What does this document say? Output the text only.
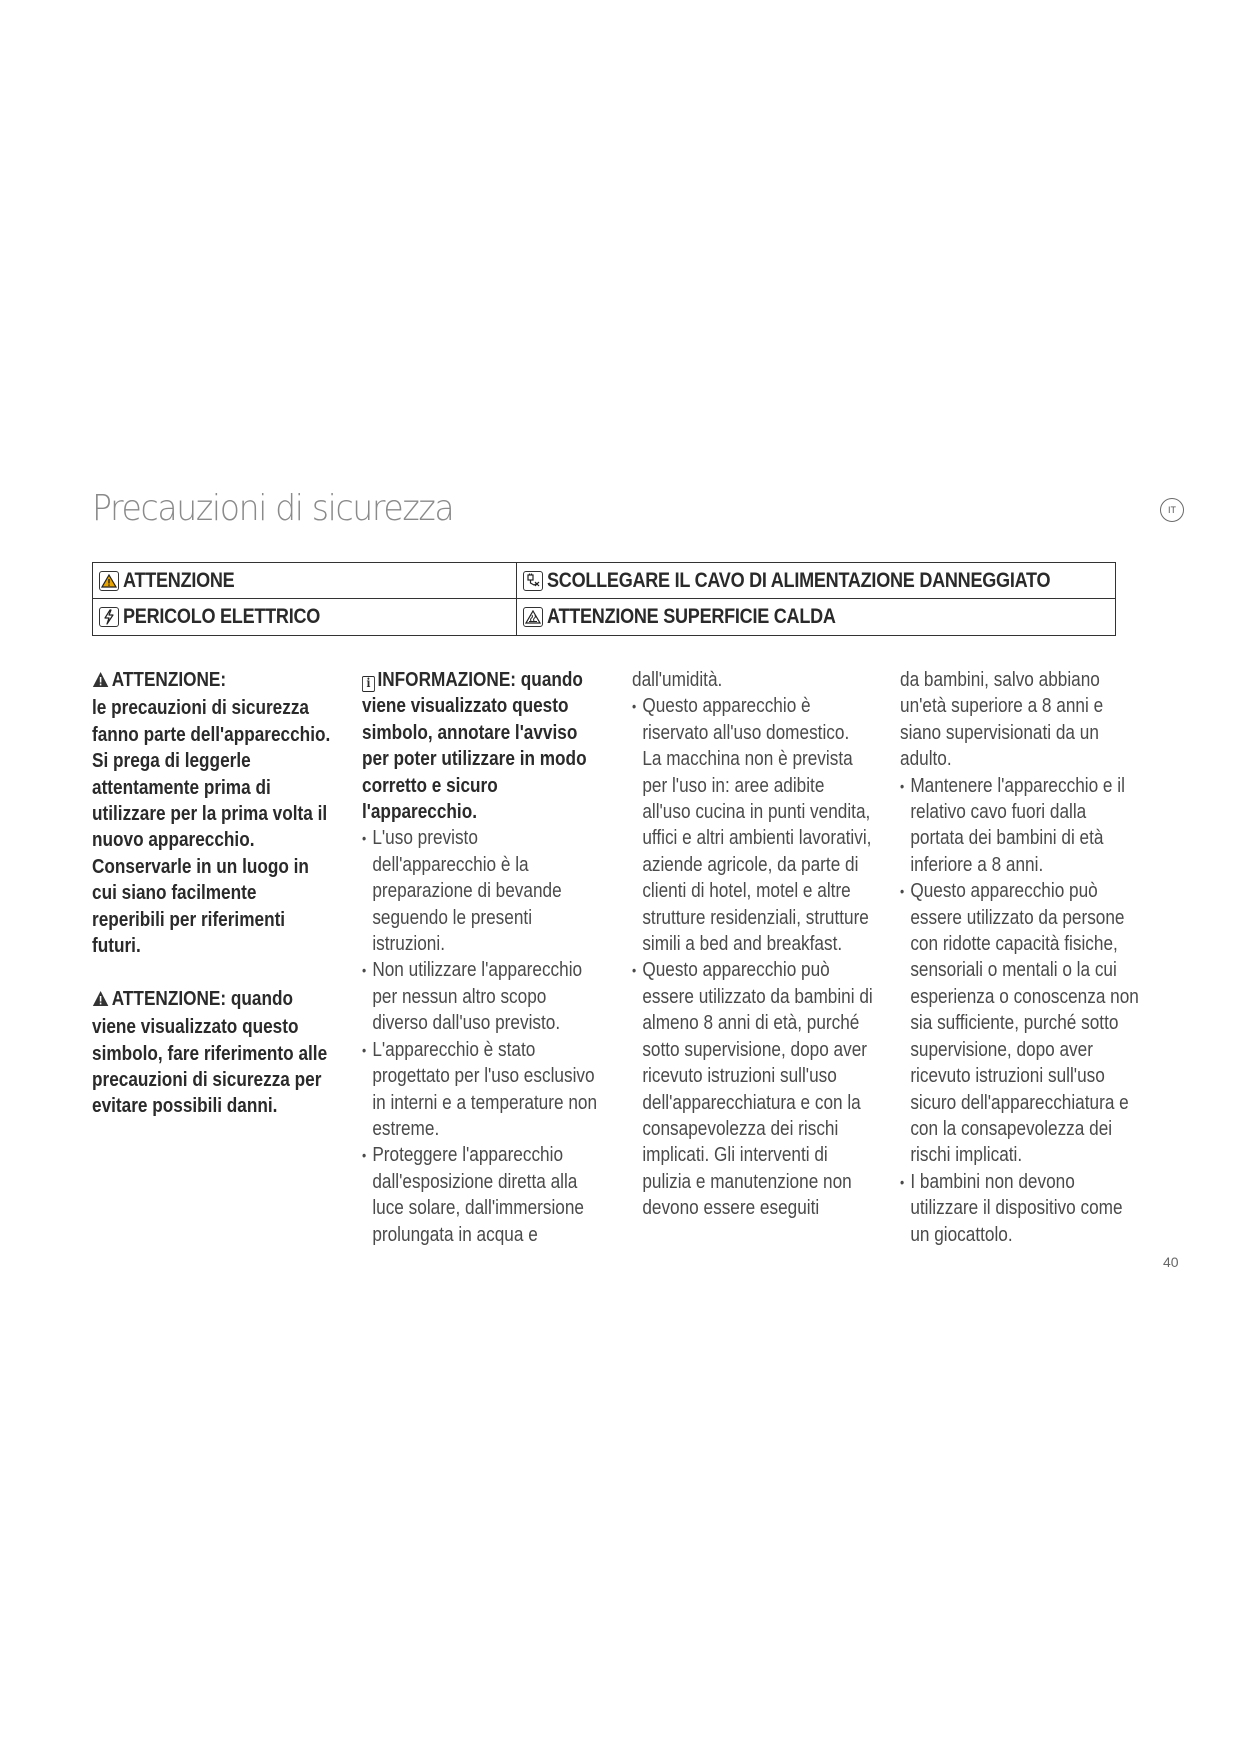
Precauzioni di sicurezza	IT
ATTENZIONE	SCOLLEGARE IL CAVO DI ALIMENTAZIONE DANNEGGIATO
PERICOLO ELETTRICO	ATTENZIONE SUPERFICIE CALDA

ATTENZIONE:
le precauzioni di sicurezza fanno parte dell'apparecchio. Si prega di leggerle attentamente prima di utilizzare per la prima volta il nuovo apparecchio. Conservarle in un luogo in cui siano facilmente reperibili per riferimenti futuri.

ATTENZIONE: quando viene visualizzato questo simbolo, fare riferimento alle precauzioni di sicurezza per evitare possibili danni.

i INFORMAZIONE: quando viene visualizzato questo simbolo, annotare l'avviso per poter utilizzare in modo corretto e sicuro l'apparecchio.

• L'uso previsto dell'apparecchio è la preparazione di bevande seguendo le presenti istruzioni.
• Non utilizzare l'apparecchio per nessun altro scopo diverso dall'uso previsto.
• L'apparecchio è stato progettato per l'uso esclusivo in interni e a temperature non estreme.
• Proteggere l'apparecchio dall'esposizione diretta alla luce solare, dall'immersione prolungata in acqua e

dall'umidità.

• Questo apparecchio è riservato all'uso domestico. La macchina non è prevista per l'uso in: aree adibite all'uso cucina in punti vendita, uffici e altri ambienti lavorativi, aziende agricole, da parte di clienti di hotel, motel e altre strutture residenziali, strutture simili a bed and breakfast.
• Questo apparecchio può essere utilizzato da bambini di almeno 8 anni di età, purché sotto supervisione, dopo aver ricevuto istruzioni sull'uso dell'apparecchiatura e con la consapevolezza dei rischi implicati. Gli interventi di pulizia e manutenzione non devono essere eseguiti

da bambini, salvo abbiano un'età superiore a 8 anni e siano supervisionati da un adulto.

• Mantenere l'apparecchio e il relativo cavo fuori dalla portata dei bambini di età inferiore a 8 anni.
• Questo apparecchio può essere utilizzato da persone con ridotte capacità fisiche, sensoriali o mentali o la cui esperienza o conoscenza non sia sufficiente, purché sotto supervisione, dopo aver ricevuto istruzioni sull'uso sicuro dell'apparecchiatura e con la consapevolezza dei rischi implicati.
• I bambini non devono utilizzare il dispositivo come un giocattolo.
40
